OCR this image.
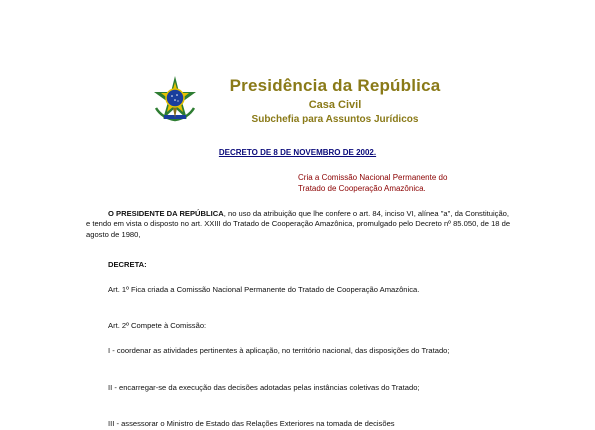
Presidência da República
Casa Civil
Subchefia para Assuntos Jurídicos
DECRETO DE 8 DE NOVEMBRO DE 2002.
Cria a Comissão Nacional Permanente do
Tratado de Cooperação Amazônica.
O PRESIDENTE DA REPÚBLICA, no uso da atribuição que lhe confere o art. 84, inciso VI, alínea "a", da Constituição, e tendo em vista o disposto no art. XXIII do Tratado de Cooperação Amazônica, promulgado pelo Decreto nº 85.050, de 18 de agosto de 1980,
DECRETA:
Art. 1º Fica criada a Comissão Nacional Permanente do Tratado de Cooperação Amazônica.
Art. 2º Compete à Comissão:
I - coordenar as atividades pertinentes à aplicação, no território nacional, das disposições do Tratado;
II - encarregar-se da execução das decisões adotadas pelas instâncias coletivas do Tratado;
III - assessorar o Ministro de Estado das Relações Exteriores na tomada de decisões
